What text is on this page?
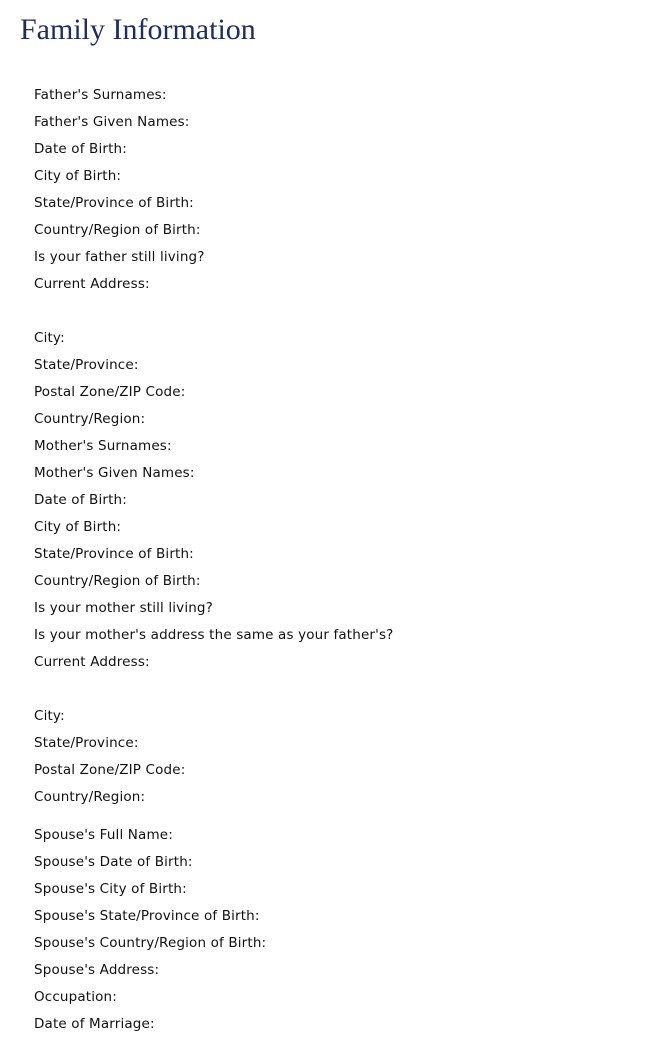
Family Information
Father's Surnames:
Father's Given Names:
Date of Birth:
City of Birth:
State/Province of Birth:
Country/Region of Birth:
Is your father still living?
Current Address:
City:
State/Province:
Postal Zone/ZIP Code:
Country/Region:
Mother's Surnames:
Mother's Given Names:
Date of Birth:
City of Birth:
State/Province of Birth:
Country/Region of Birth:
Is your mother still living?
Is your mother's address the same as your father's?
Current Address:
City:
State/Province:
Postal Zone/ZIP Code:
Country/Region:
Spouse's Full Name:
Spouse's Date of Birth:
Spouse's City of Birth:
Spouse's State/Province of Birth:
Spouse's Country/Region of Birth:
Spouse's Address:
Occupation:
Date of Marriage:
